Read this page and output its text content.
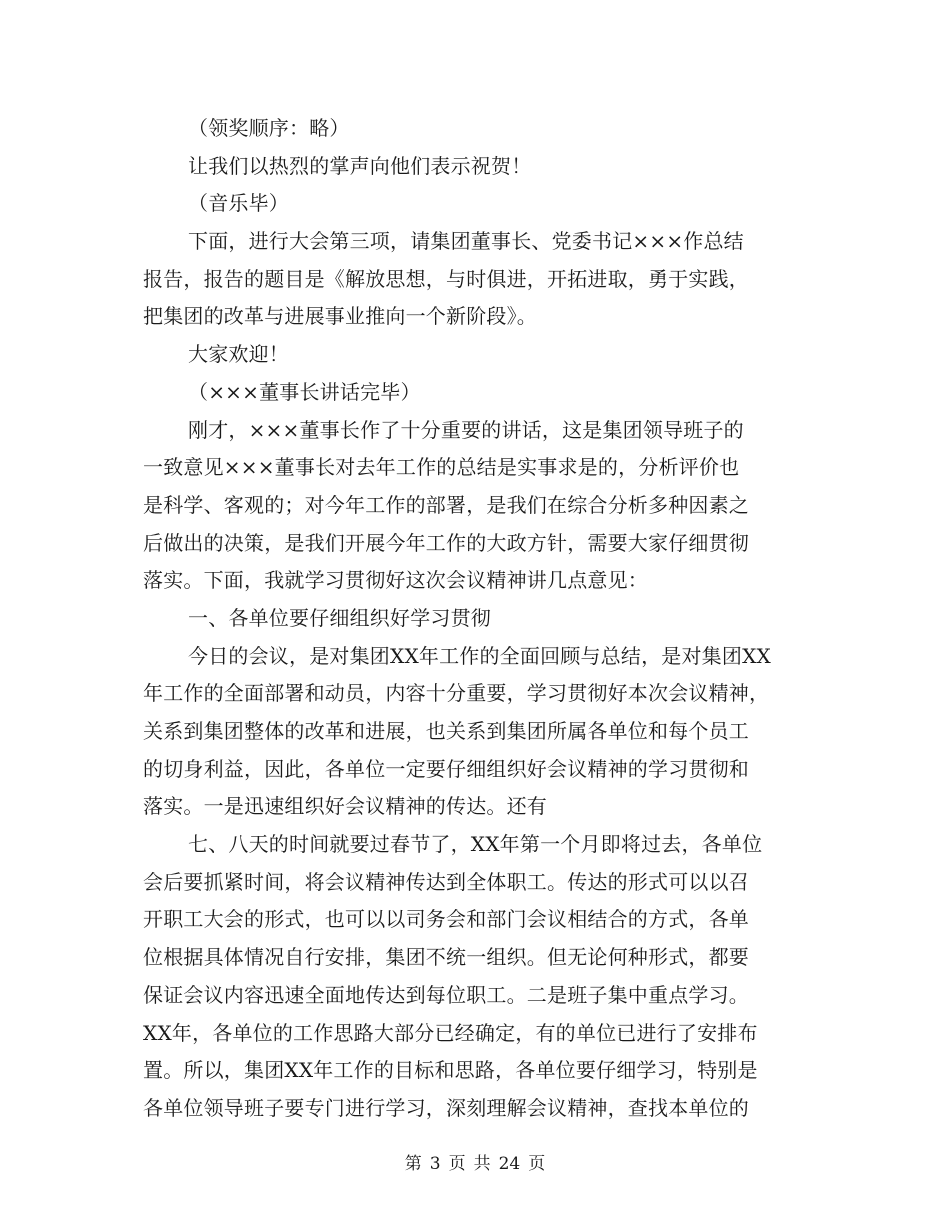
（领奖顺序：略）
让我们以热烈的掌声向他们表示祝贺！
（音乐毕）
下面，进行大会第三项，请集团董事长、党委书记×××作总结
报告，报告的题目是《解放思想，与时俱进，开拓进取，勇于实践，
把集团的改革与进展事业推向一个新阶段》。
大家欢迎！
（×××董事长讲话完毕）
刚才，×××董事长作了十分重要的讲话，这是集团领导班子的
一致意见×××董事长对去年工作的总结是实事求是的，分析评价也
是科学、客观的；对今年工作的部署，是我们在综合分析多种因素之
后做出的决策，是我们开展今年工作的大政方针，需要大家仔细贯彻
落实。下面，我就学习贯彻好这次会议精神讲几点意见：
一、各单位要仔细组织好学习贯彻
今日的会议，是对集团XX年工作的全面回顾与总结，是对集团XX
年工作的全面部署和动员，内容十分重要，学习贯彻好本次会议精神，
关系到集团整体的改革和进展，也关系到集团所属各单位和每个员工
的切身利益，因此，各单位一定要仔细组织好会议精神的学习贯彻和
落实。一是迅速组织好会议精神的传达。还有
七、八天的时间就要过春节了，XX年第一个月即将过去，各单位
会后要抓紧时间，将会议精神传达到全体职工。传达的形式可以以召
开职工大会的形式，也可以以司务会和部门会议相结合的方式，各单
位根据具体情况自行安排，集团不统一组织。但无论何种形式，都要
保证会议内容迅速全面地传达到每位职工。二是班子集中重点学习。
XX年，各单位的工作思路大部分已经确定，有的单位已进行了安排布
置。所以，集团XX年工作的目标和思路，各单位要仔细学习，特别是
各单位领导班子要专门进行学习，深刻理解会议精神，查找本单位的
第 3 页 共 24 页
